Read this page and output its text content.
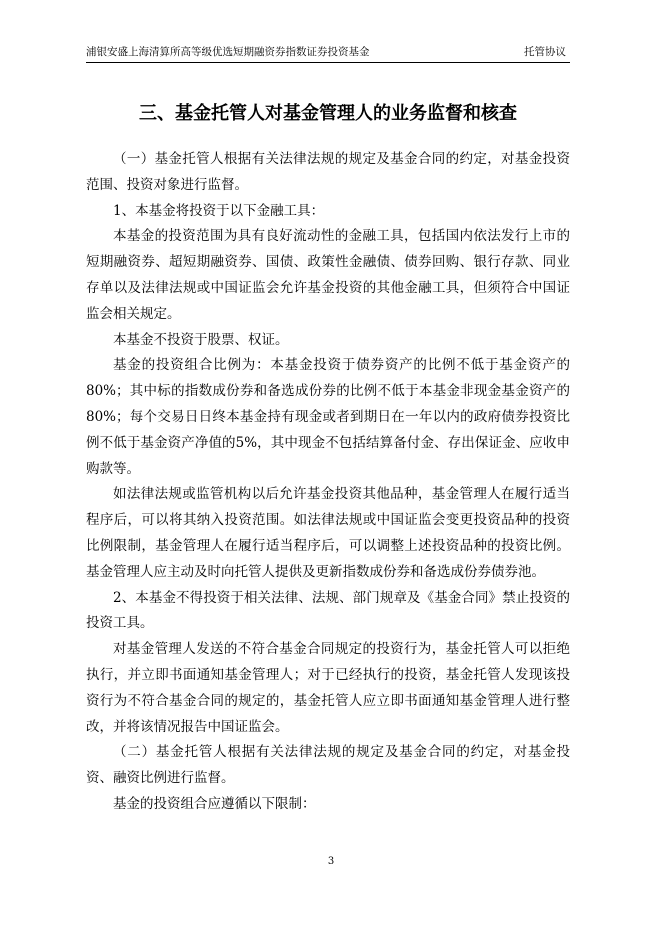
浦银安盛上海清算所高等级优选短期融资券指数证券投资基金	托管协议
三、基金托管人对基金管理人的业务监督和核查

（一）基金托管人根据有关法律法规的规定及基金合同的约定，对基金投资范围、投资对象进行监督。

1、本基金将投资于以下金融工具：

本基金的投资范围为具有良好流动性的金融工具，包括国内依法发行上市的短期融资券、超短期融资券、国债、政策性金融债、债券回购、银行存款、同业存单以及法律法规或中国证监会允许基金投资的其他金融工具，但须符合中国证监会相关规定。

本基金不投资于股票、权证。

基金的投资组合比例为：本基金投资于债券资产的比例不低于基金资产的80%；其中标的指数成份券和备选成份券的比例不低于本基金非现金基金资产的80%；每个交易日日终本基金持有现金或者到期日在一年以内的政府债券投资比例不低于基金资产净值的5%，其中现金不包括结算备付金、存出保证金、应收申购款等。

如法律法规或监管机构以后允许基金投资其他品种，基金管理人在履行适当程序后，可以将其纳入投资范围。如法律法规或中国证监会变更投资品种的投资比例限制，基金管理人在履行适当程序后，可以调整上述投资品种的投资比例。基金管理人应主动及时向托管人提供及更新指数成份券和备选成份券债券池。

2、本基金不得投资于相关法律、法规、部门规章及《基金合同》禁止投资的投资工具。

对基金管理人发送的不符合基金合同规定的投资行为，基金托管人可以拒绝执行，并立即书面通知基金管理人；对于已经执行的投资，基金托管人发现该投资行为不符合基金合同的规定的，基金托管人应立即书面通知基金管理人进行整改，并将该情况报告中国证监会。

（二）基金托管人根据有关法律法规的规定及基金合同的约定，对基金投资、融资比例进行监督。

基金的投资组合应遵循以下限制：

3
